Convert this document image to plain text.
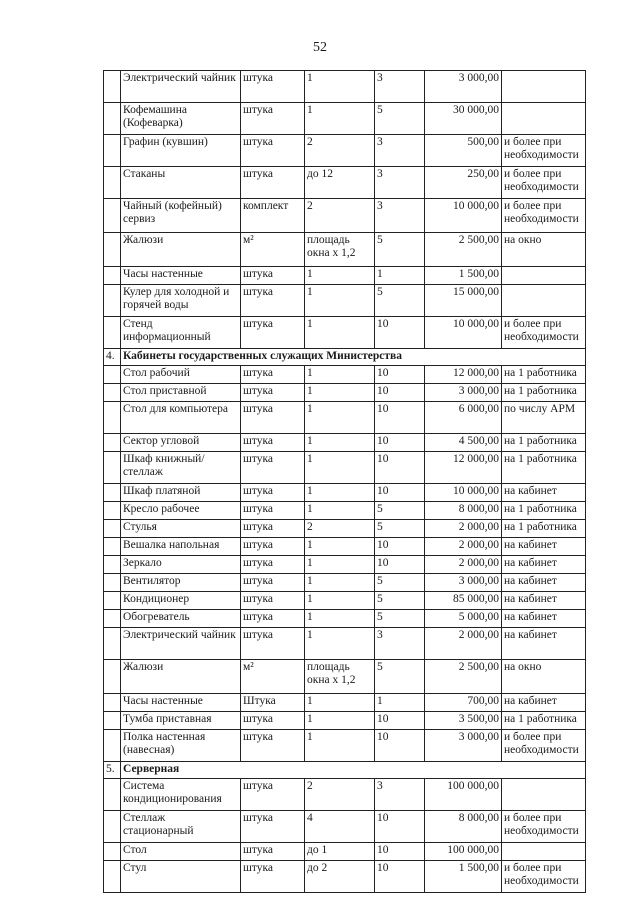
52
	Электрический чайник	штука	1	3	3 000,00	
	Кофемашина (Кофеварка)	штука	1	5	30 000,00	
	Графин (кувшин)	штука	2	3	500,00	и более при необходимости
	Стаканы	штука	до 12	3	250,00	и более при необходимости
	Чайный (кофейный) сервиз	комплект	2	3	10 000,00	и более при необходимости
	Жалюзи	м²	площадь окна х 1,2	5	2 500,00	на окно
	Часы настенные	штука	1	1	1 500,00	
	Кулер для холодной и горячей воды	штука	1	5	15 000,00	
	Стенд информационный	штука	1	10	10 000,00	и более при необходимости
4.	Кабинеты государственных служащих Министерства					
	Стол рабочий	штука	1	10	12 000,00	на 1 работника
	Стол приставной	штука	1	10	3 000,00	на 1 работника
	Стол для компьютера	штука	1	10	6 000,00	по числу АРМ
	Сектор угловой	штука	1	10	4 500,00	на 1 работника
	Шкаф книжный/стеллаж	штука	1	10	12 000,00	на 1 работника
	Шкаф платяной	штука	1	10	10 000,00	на кабинет
	Кресло рабочее	штука	1	5	8 000,00	на 1 работника
	Стулья	штука	2	5	2 000,00	на 1 работника
	Вешалка напольная	штука	1	10	2 000,00	на кабинет
	Зеркало	штука	1	10	2 000,00	на кабинет
	Вентилятор	штука	1	5	3 000,00	на кабинет
	Кондиционер	штука	1	5	85 000,00	на кабинет
	Обогреватель	штука	1	5	5 000,00	на кабинет
	Электрический чайник	штука	1	3	2 000,00	на кабинет
	Жалюзи	м²	площадь окна х 1,2	5	2 500,00	на окно
	Часы настенные	Штука	1	1	700,00	на кабинет
	Тумба приставная	штука	1	10	3 500,00	на 1 работника
	Полка настенная (навесная)	штука	1	10	3 000,00	и более при необходимости
5.	Серверная					
	Система кондиционирования	штука	2	3	100 000,00	
	Стеллаж стационарный	штука	4	10	8 000,00	и более при необходимости
	Стол	штука	до 1	10	100 000,00	
	Стул	штука	до 2	10	1 500,00	и более при необходимости
